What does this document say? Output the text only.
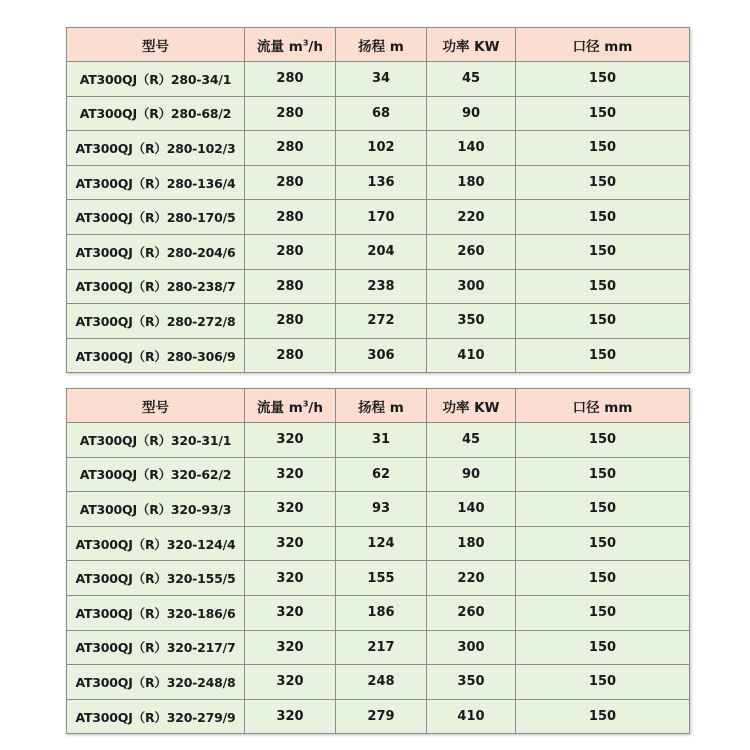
型号	流量 $m^3/h$	扬程 m	功率 KW	口径 mm
AT300QJ（R）280-34/1	280	34	45	150
AT300QJ（R）280-68/2	280	68	90	150
AT300QJ（R）280-102/3	280	102	140	150
AT300QJ（R）280-136/4	280	136	180	150
AT300QJ（R）280-170/5	280	170	220	150
AT300QJ（R）280-204/6	280	204	260	150
AT300QJ（R）280-238/7	280	238	300	150
AT300QJ（R）280-272/8	280	272	350	150
AT300QJ（R）280-306/9	280	306	410	150
型号	流量 $m^3/h$	扬程 m	功率 KW	口径 mm
AT300QJ（R）320-31/1	320	31	45	150
AT300QJ（R）320-62/2	320	62	90	150
AT300QJ（R）320-93/3	320	93	140	150
AT300QJ（R）320-124/4	320	124	180	150
AT300QJ（R）320-155/5	320	155	220	150
AT300QJ（R）320-186/6	320	186	260	150
AT300QJ（R）320-217/7	320	217	300	150
AT300QJ（R）320-248/8	320	248	350	150
AT300QJ（R）320-279/9	320	279	410	150
